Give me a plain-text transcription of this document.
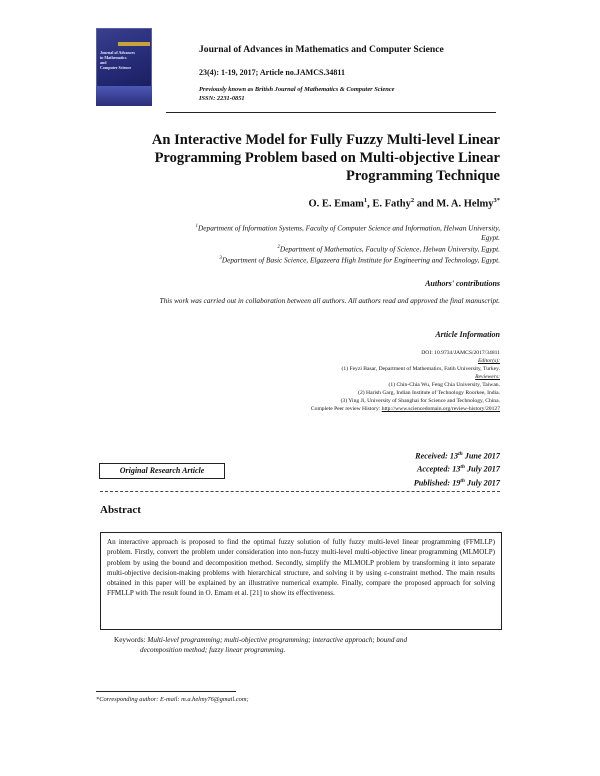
Journal of Advances
in Mathematics
and
Computer Science
Journal of Advances in Mathematics and Computer Science
23(4): 1-19, 2017; Article no.JAMCS.34811
Previously known as British Journal of Mathematics & Computer Science
ISSN: 2231-0851
An Interactive Model for Fully Fuzzy Multi-level Linear
Programming Problem based on Multi-objective Linear
Programming Technique
O. E. Emam$^1$, E. Fathy$^2$ and M. A. Helmy$^{3*}$
$^1$Department of Information Systems, Faculty of Computer Science and Information, Helwan University,
Egypt.
$^2$Department of Mathematics, Faculty of Science, Helwan University, Egypt.
$^3$Department of Basic Science, Elgazeera High Institute for Engineering and Technology, Egypt.
Authors' contributions
This work was carried out in collaboration between all authors. All authors read and approved the final manuscript.
Article Information
DOI: 10.9734/JAMCS/2017/34811
Editor(s):
(1) Feyzi Basar, Department of Mathematics, Fatih University, Turkey.
Reviewers:
(1) Chin-Chia Wu, Feng Chia University, Taiwan.
(2) Harish Garg, Indian Institute of Technology Roorkee, India.
(3) Ying Ji, University of Shanghai for Science and Technology, China.
Complete Peer review History: http://www.sciencedomain.org/review-history/20127
Received: 13th June 2017
Accepted: 13th July 2017
Published: 19th July 2017
Original Research Article
Abstract
An interactive approach is proposed to find the optimal fuzzy solution of fully fuzzy multi-level linear programming (FFMLLP) problem. Firstly, convert the problem under consideration into non-fuzzy multi-level multi-objective linear programming (MLMOLP) problem by using the bound and decomposition method. Secondly, simplify the MLMOLP problem by transforming it into separate multi-objective decision-making problems with hierarchical structure, and solving it by using ε-constraint method. The main results obtained in this paper will be explained by an illustrative numerical example. Finally, compare the proposed approach for solving FFMLLP with The result found in O. Emam et al. [21] to show its effectiveness.
Keywords: Multi-level programming; multi-objective programming; interactive approach; bound and
decomposition method; fuzzy linear programming.
*Corresponding author: E-mail: m.a.helmy76@gmail.com;
